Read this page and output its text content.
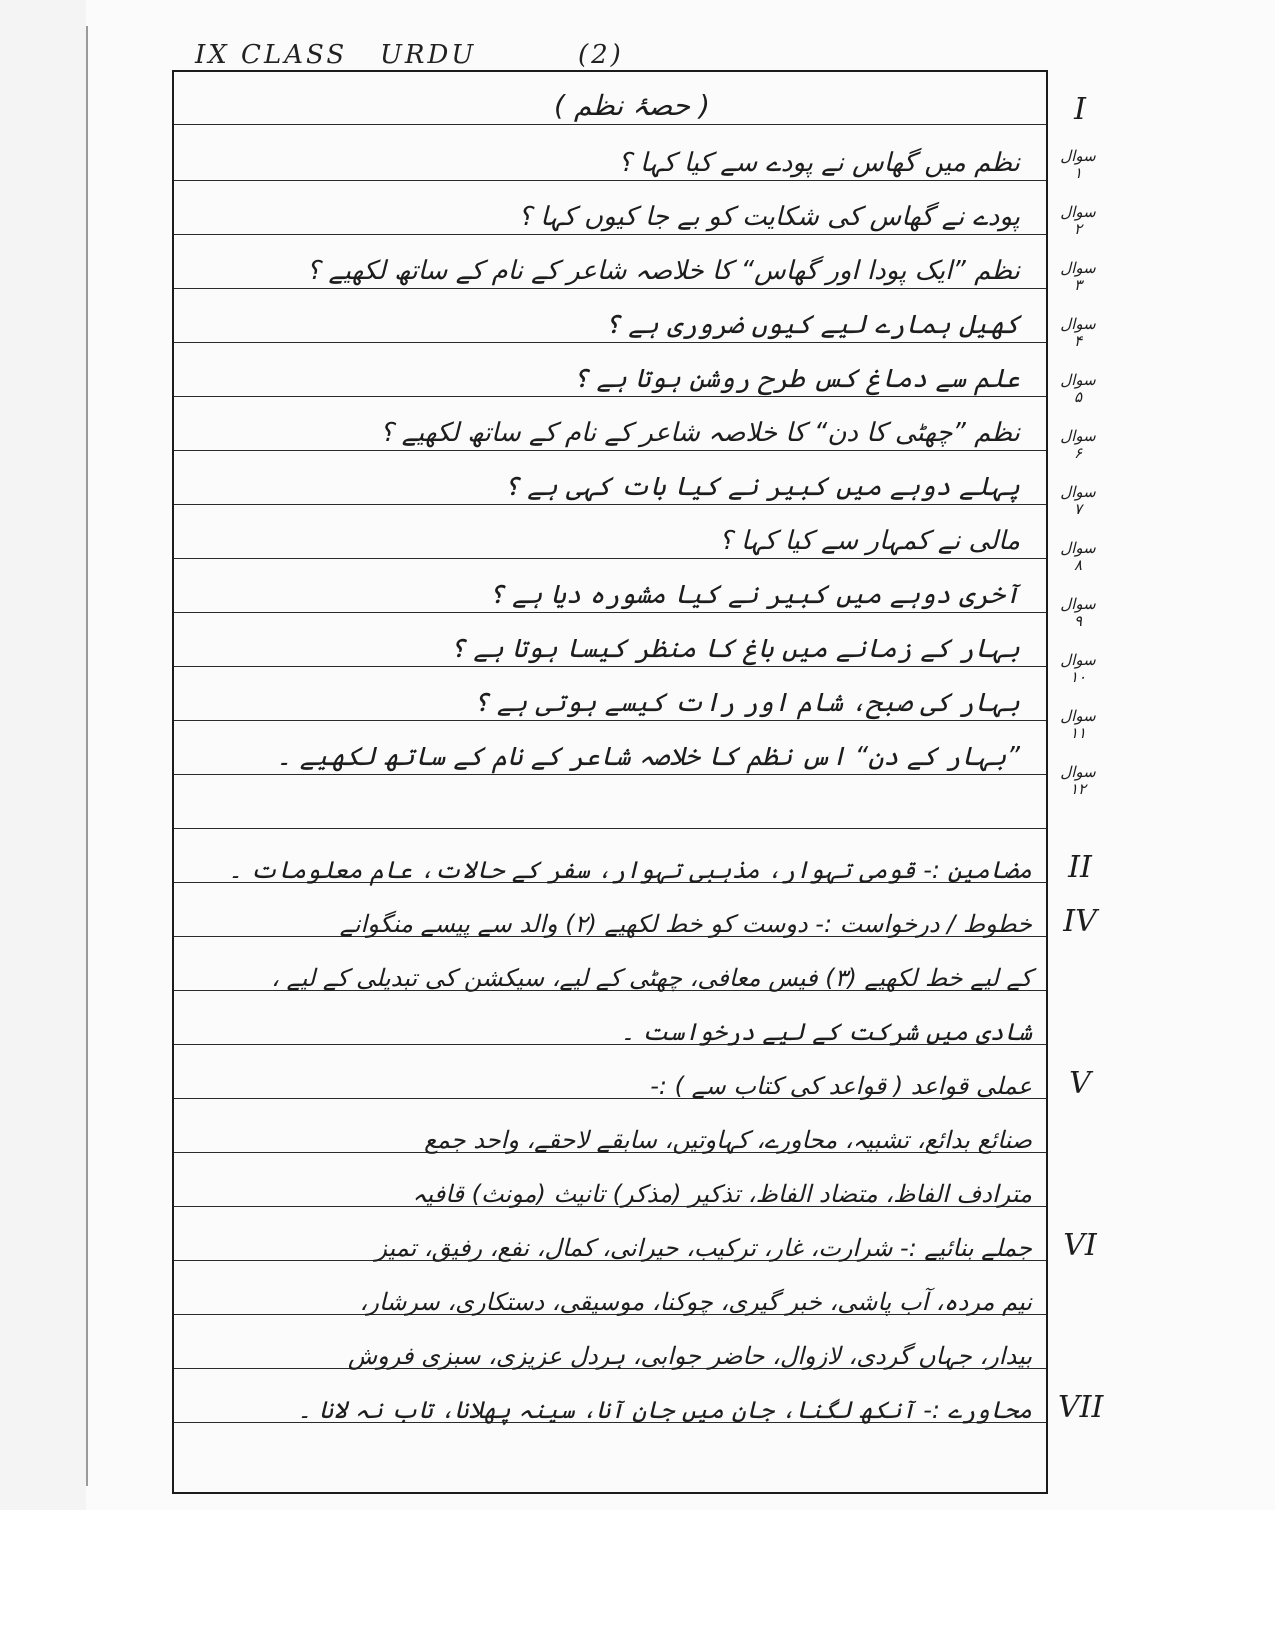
IX CLASS URDU	(2)
( حصۂ نظم )
نظم میں گھاس نے پودے سے کیا کہا ؟
پودے نے گھاس کی شکایت کو بے جا کیوں کہا ؟
نظم ”ایک پودا اور گھاس“ کا خلاصہ شاعر کے نام کے ساتھ لکھیے ؟
کھیل ہمارے لیے کیوں ضروری ہے ؟
علم سے دماغ کس طرح روشن ہوتا ہے ؟
نظم ”چھٹی کا دن“ کا خلاصہ شاعر کے نام کے ساتھ لکھیے ؟
پہلے دوہے میں کبیر نے کیا بات کہی ہے ؟
مالی نے کمہار سے کیا کہا ؟
آخری دوہے میں کبیر نے کیا مشورہ دیا ہے ؟
بہار کے زمانے میں باغ کا منظر کیسا ہوتا ہے ؟
بہار کی صبح، شام اور رات کیسے ہوتی ہے ؟
”بہار کے دن“ اس نظم کا خلاصہ شاعر کے نام کے ساتھ لکھیے ۔
مضامین :- قومی تہوار، مذہبی تہوار، سفر کے حالات، عام معلومات ۔
خطوط / درخواست :- دوست کو خط لکھیے (۲) والد سے پیسے منگوانے
کے لیے خط لکھیے (۳) فیس معافی، چھٹی کے لیے، سیکشن کی تبدیلی کے لیے ،
شادی میں شرکت کے لیے درخواست ۔
عملی قواعد ( قواعد کی کتاب سے ) :-
صنائع بدائع، تشبیہ، محاورے، کہاوتیں، سابقے لاحقے، واحد جمع
مترادف الفاظ، متضاد الفاظ، تذکیر (مذکر) تانیث (مونث) قافیہ
جملے بنائیے :- شرارت، غار، ترکیب، حیرانی، کمال، نفع، رفیق، تمیز
نیم مردہ، آب پاشی، خبر گیری، چوکنا، موسیقی، دستکاری، سرشار،
بیدار، جہاں گردی، لازوال، حاضر جوابی، ہردل عزیزی، سبزی فروش
محاورے :- آنکھ لگنا، جان میں جان آنا، سینہ پھلانا، تاب نہ لانا ۔
I
II
IV
V
VI
VII
سوال
۱
سوال
۲
سوال
۳
سوال
۴
سوال
۵
سوال
۶
سوال
۷
سوال
۸
سوال
۹
سوال
۱۰
سوال
۱۱
سوال
۱۲
